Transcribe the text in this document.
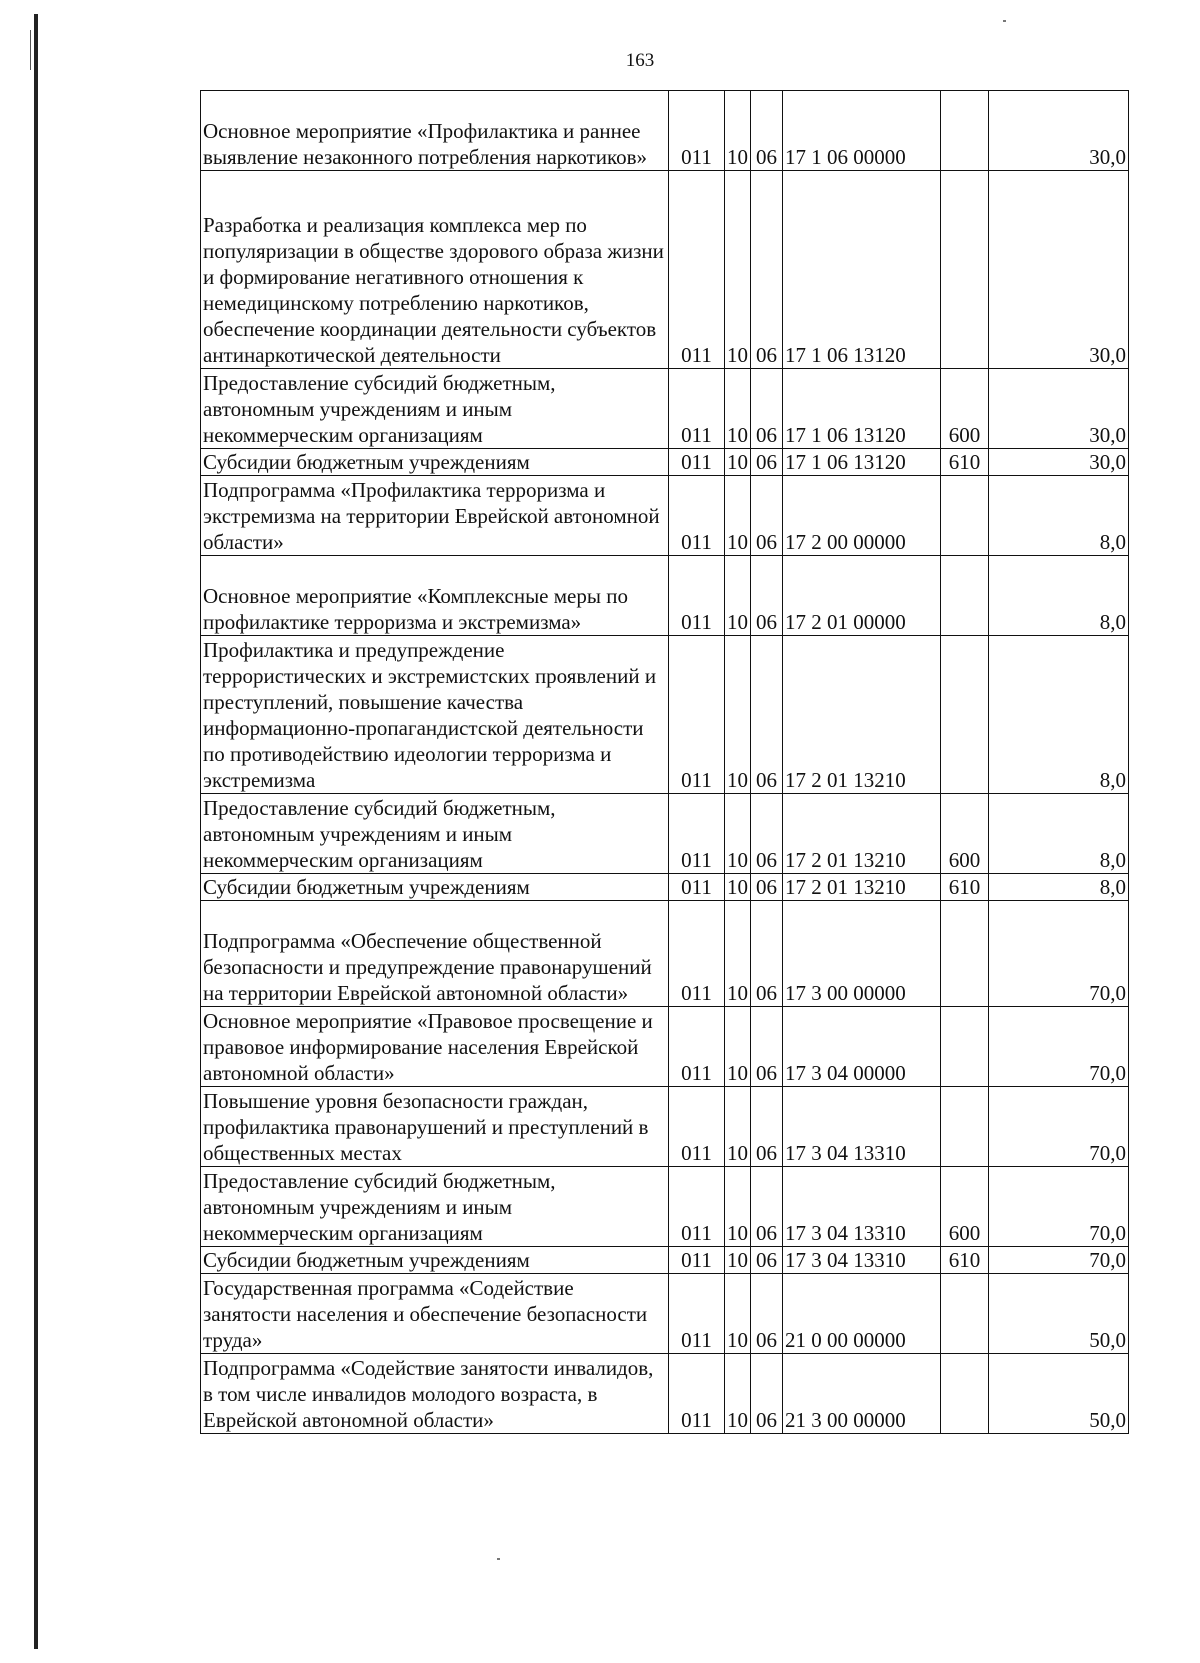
163
Основное мероприятие «Профилактика и раннее выявление незаконного потребления наркотиков»	011	10	06	17 1 06 00000		30,0
Разработка и реализация комплекса мер по популяризации в обществе здорового образа жизни и формирование негативного отношения к немедицинскому потреблению наркотиков, обеспечение координации деятельности субъектов антинаркотической деятельности	011	10	06	17 1 06 13120		30,0
Предоставление субсидий бюджетным, автономным учреждениям и иным некоммерческим организациям	011	10	06	17 1 06 13120	600	30,0
Субсидии бюджетным учреждениям	011	10	06	17 1 06 13120	610	30,0
Подпрограмма «Профилактика терроризма и экстремизма на территории Еврейской автономной области»	011	10	06	17 2 00 00000		8,0
Основное мероприятие «Комплексные меры по профилактике терроризма и экстремизма»	011	10	06	17 2 01 00000		8,0
Профилактика и предупреждение террористических и экстремистских проявлений и преступлений, повышение качества информационно-пропагандистской деятельности по противодействию идеологии терроризма и экстремизма	011	10	06	17 2 01 13210		8,0
Предоставление субсидий бюджетным, автономным учреждениям и иным некоммерческим организациям	011	10	06	17 2 01 13210	600	8,0
Субсидии бюджетным учреждениям	011	10	06	17 2 01 13210	610	8,0
Подпрограмма «Обеспечение общественной безопасности и предупреждение правонарушений на территории Еврейской автономной области»	011	10	06	17 3 00 00000		70,0
Основное мероприятие «Правовое просвещение и правовое информирование населения Еврейской автономной области»	011	10	06	17 3 04 00000		70,0
Повышение уровня безопасности граждан, профилактика правонарушений и преступлений в общественных местах	011	10	06	17 3 04 13310		70,0
Предоставление субсидий бюджетным, автономным учреждениям и иным некоммерческим организациям	011	10	06	17 3 04 13310	600	70,0
Субсидии бюджетным учреждениям	011	10	06	17 3 04 13310	610	70,0
Государственная программа «Содействие занятости населения и обеспечение безопасности труда»	011	10	06	21 0 00 00000		50,0
Подпрограмма «Содействие занятости инвалидов, в том числе инвалидов молодого возраста, в Еврейской автономной области»	011	10	06	21 3 00 00000		50,0
